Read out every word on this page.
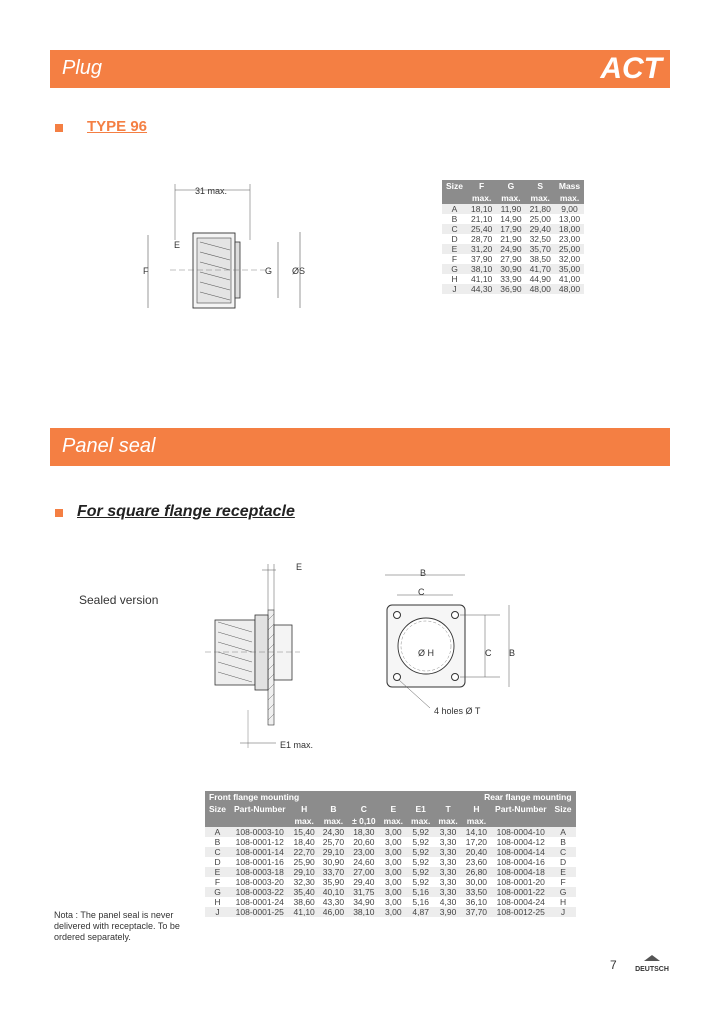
Plug	ACT
TYPE 96
31 max.
F	G ØS
E
Size	F	G	S	Mass
	max.	max.	max.	max.
A	18,10	11,90	21,80	9,00
B	21,10	14,90	25,00	13,00
C	25,40	17,90	29,40	18,00
D	28,70	21,90	32,50	23,00
E	31,20	24,90	35,70	25,00
F	37,90	27,90	38,50	32,00
G	38,10	30,90	41,70	35,00
H	41,10	33,90	44,90	41,00
J	44,30	36,90	48,00	48,00
Panel seal
For square flange receptacle
Sealed version
E
E1 max.
B
C
Ø H	C B
4 holes Ø T
Front flange mounting								Rear flange mounting		
Size	Part-Number	H	B	C	E	E1	T	H	Part-Number	Size
		max.	max.	± 0,10	max.	max.	max.	max.		
A	108-0003-10	15,40	24,30	18,30	3,00	5,92	3,30	14,10	108-0004-10	A
B	108-0001-12	18,40	25,70	20,60	3,00	5,92	3,30	17,20	108-0004-12	B
C	108-0001-14	22,70	29,10	23,00	3,00	5,92	3,30	20,40	108-0004-14	C
D	108-0001-16	25,90	30,90	24,60	3,00	5,92	3,30	23,60	108-0004-16	D
E	108-0003-18	29,10	33,70	27,00	3,00	5,92	3,30	26,80	108-0004-18	E
F	108-0003-20	32,30	35,90	29,40	3,00	5,92	3,30	30,00	108-0001-20	F
G	108-0003-22	35,40	40,10	31,75	3,00	5,16	3,30	33,50	108-0001-22	G
H	108-0001-24	38,60	43,30	34,90	3,00	5,16	4,30	36,10	108-0004-24	H
J	108-0001-25	41,10	46,00	38,10	3,00	4,87	3,90	37,70	108-0012-25	J
Nota : The panel seal is never delivered with receptacle. To be ordered separately.
7	DEUTSCH
